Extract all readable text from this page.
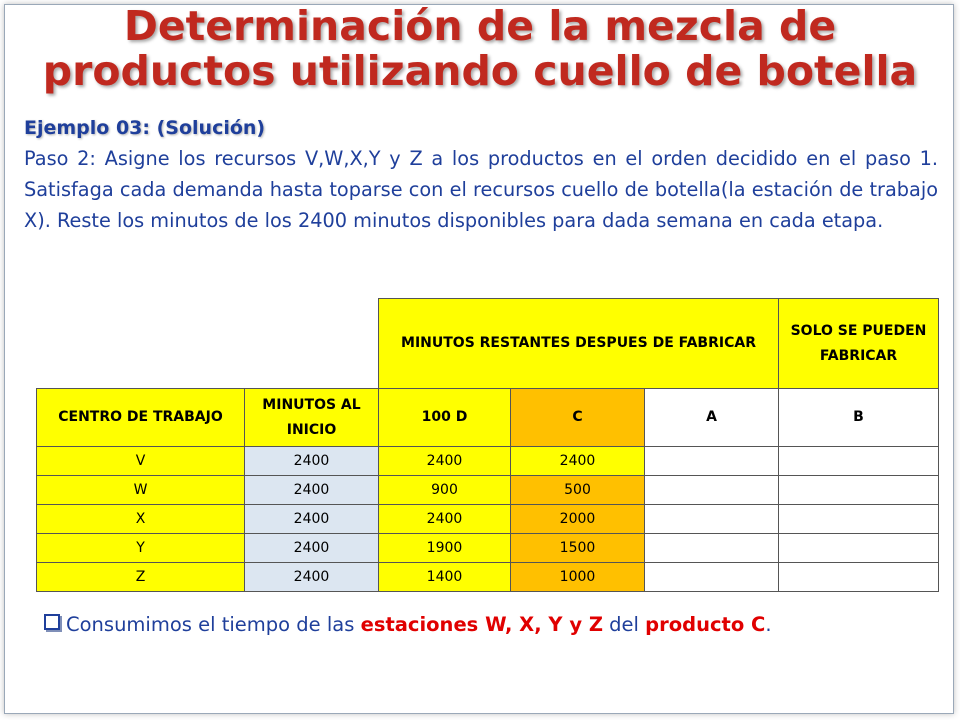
Determinación de la mezcla de productos utilizando cuello de botella
Ejemplo 03: (Solución)
Paso 2: Asigne los recursos V,W,X,Y y Z a los productos en el orden decidido en el paso 1. Satisfaga cada demanda hasta toparse con el recursos cuello de botella(la estación de trabajo X). Reste los minutos de los 2400 minutos disponibles para dada semana en cada etapa.
		MINUTOS RESTANTES DESPUES DE FABRICAR			SOLO SE PUEDEN FABRICAR
CENTRO DE TRABAJO	MINUTOS AL INICIO	100 D	C	A	B
V	2400	2400	2400		
W	2400	900	500		
X	2400	2400	2000		
Y	2400	1900	1500		
Z	2400	1400	1000		
Consumimos el tiempo de las estaciones W, X, Y y Z del producto C.
